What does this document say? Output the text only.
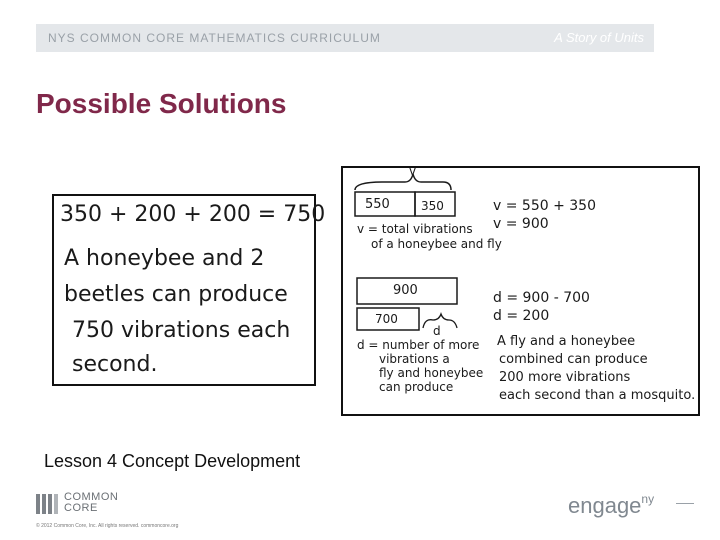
NYS COMMON CORE MATHEMATICS CURRICULUM	A Story of Units
Possible Solutions
350 + 200 + 200 = 750
A honeybee and 2
beetles can produce
750 vibrations each
second.
v
550	350
v = total vibrations
of a honeybee and fly
v = 550 + 350
v = 900
900
700
d
d = number of more
vibrations a
fly and honeybee
can produce
d = 900 - 700
d = 200
A fly and a honeybee
combined can produce
200 more vibrations
each second than a mosquito.
Lesson 4 Concept Development
COMMON
CORE
© 2012 Common Core, Inc. All rights reserved. commoncore.org
engage$^{ny}$
